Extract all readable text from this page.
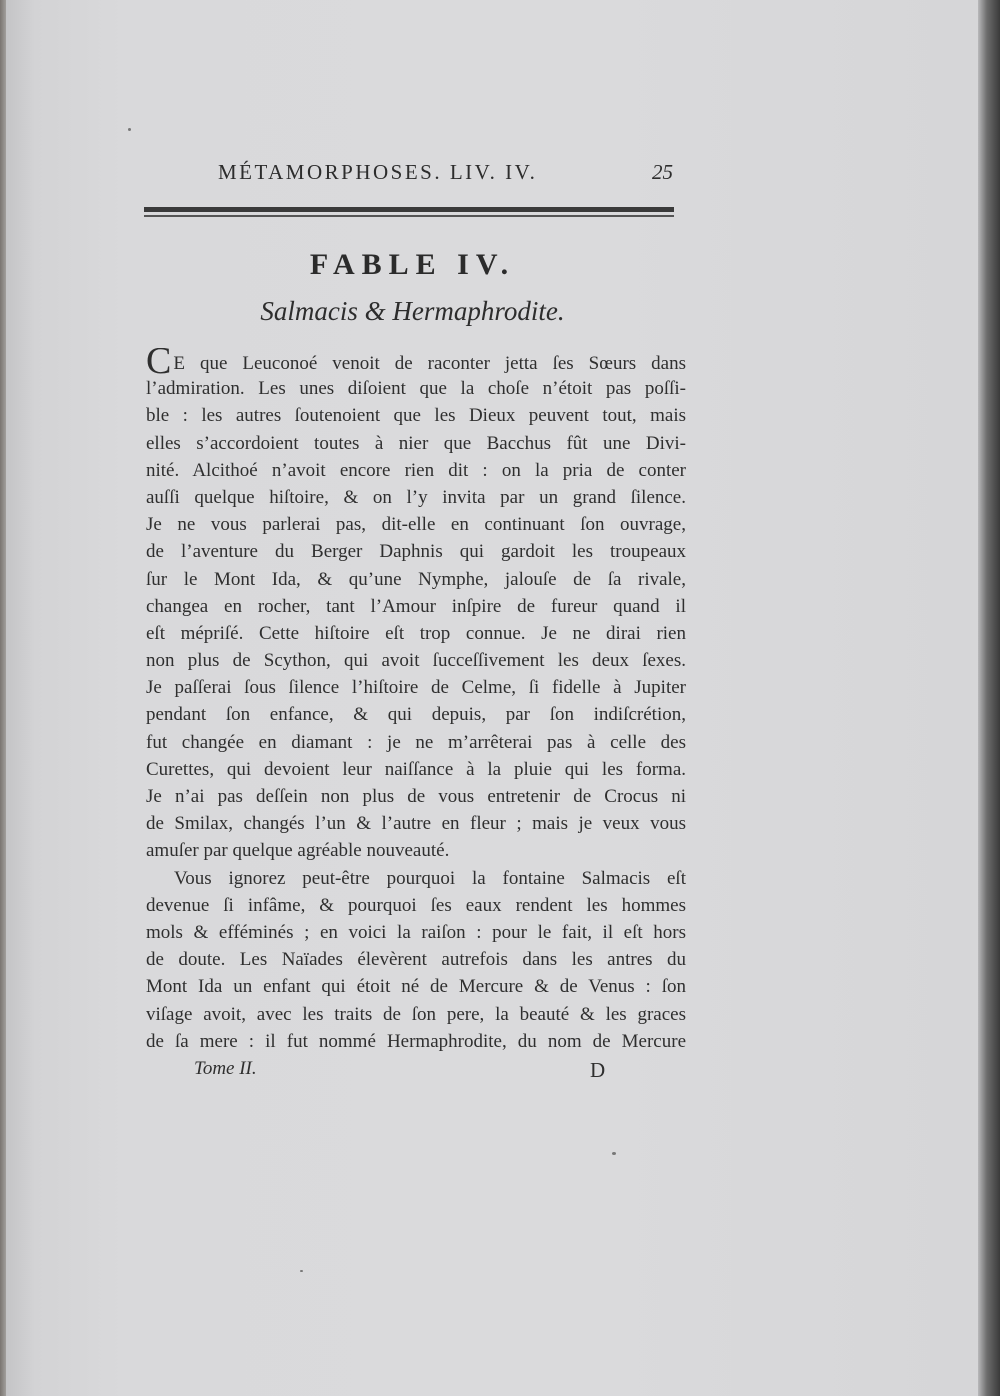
MÉTAMORPHOSES. LIV. IV.	25
FABLE IV.
Salmacis & Hermaphrodite.
C E que Leuconoé venoit de raconter jetta ſes Sœurs dans
l’admiration. Les unes diſoient que la choſe n’étoit pas poſſi-
ble : les autres ſoutenoient que les Dieux peuvent tout, mais
elles s’accordoient toutes à nier que Bacchus fût une Divi-
nité. Alcithoé n’avoit encore rien dit : on la pria de conter
auſſi quelque hiſtoire, & on l’y invita par un grand ſilence.
Je ne vous parlerai pas, dit-elle en continuant ſon ouvrage,
de l’aventure du Berger Daphnis qui gardoit les troupeaux
ſur le Mont Ida, & qu’une Nymphe, jalouſe de ſa rivale,
changea en rocher, tant l’Amour inſpire de fureur quand il
eſt mépriſé. Cette hiſtoire eſt trop connue. Je ne dirai rien
non plus de Scython, qui avoit ſucceſſivement les deux ſexes.
Je paſſerai ſous ſilence l’hiſtoire de Celme, ſi fidelle à Jupiter
pendant ſon enfance, & qui depuis, par ſon indiſcrétion,
fut changée en diamant : je ne m’arrêterai pas à celle des
Curettes, qui devoient leur naiſſance à la pluie qui les forma.
Je n’ai pas deſſein non plus de vous entretenir de Crocus ni
de Smilax, changés l’un & l’autre en fleur ; mais je veux vous
amuſer par quelque agréable nouveauté.
Vous ignorez peut-être pourquoi la fontaine Salmacis eſt
devenue ſi infâme, & pourquoi ſes eaux rendent les hommes
mols & efféminés ; en voici la raiſon : pour le fait, il eſt hors
de doute. Les Naïades élevèrent autrefois dans les antres du
Mont Ida un enfant qui étoit né de Mercure & de Venus : ſon
viſage avoit, avec les traits de ſon pere, la beauté & les graces
de ſa mere : il fut nommé Hermaphrodite, du nom de Mercure
Tome II.	D
